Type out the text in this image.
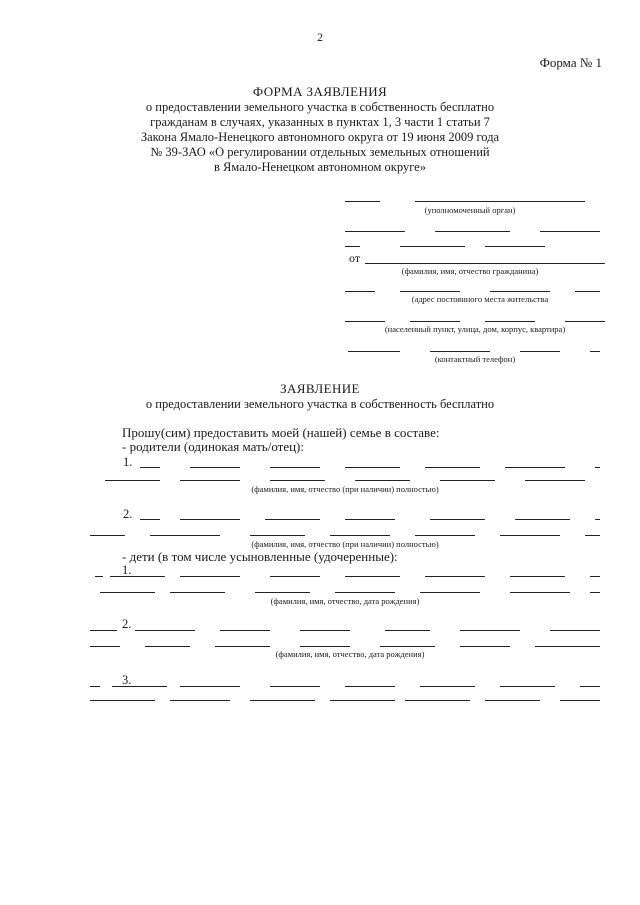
2
Форма № 1
ФОРМА ЗАЯВЛЕНИЯ
о предоставлении земельного участка в собственность бесплатно
гражданам в случаях, указанных в пунктах 1, 3 части 1 статьи 7
Закона Ямало-Ненецкого автономного округа от 19 июня 2009 года
№ 39-ЗАО «О регулировании отдельных земельных отношений
в Ямало-Ненецком автономном округе»
(уполномоченный орган)
от
(фамилия, имя, отчество гражданина)
(адрес постоянного места жительства
(населенный пункт, улица, дом, корпус, квартира)
(контактный телефон)
ЗАЯВЛЕНИЕ
о предоставлении земельного участка в собственность бесплатно
Прошу(сим) предоставить моей (нашей) семье в составе:
- родители (одинокая мать/отец):
1.
(фамилия, имя, отчество (при наличии) полностью)
2.
(фамилия, имя, отчество (при наличии) полностью)
- дети (в том числе усыновленные (удочеренные):
1.
(фамилия, имя, отчество, дата рождения)
2.
(фамилия, имя, отчество, дата рождения)
3.
